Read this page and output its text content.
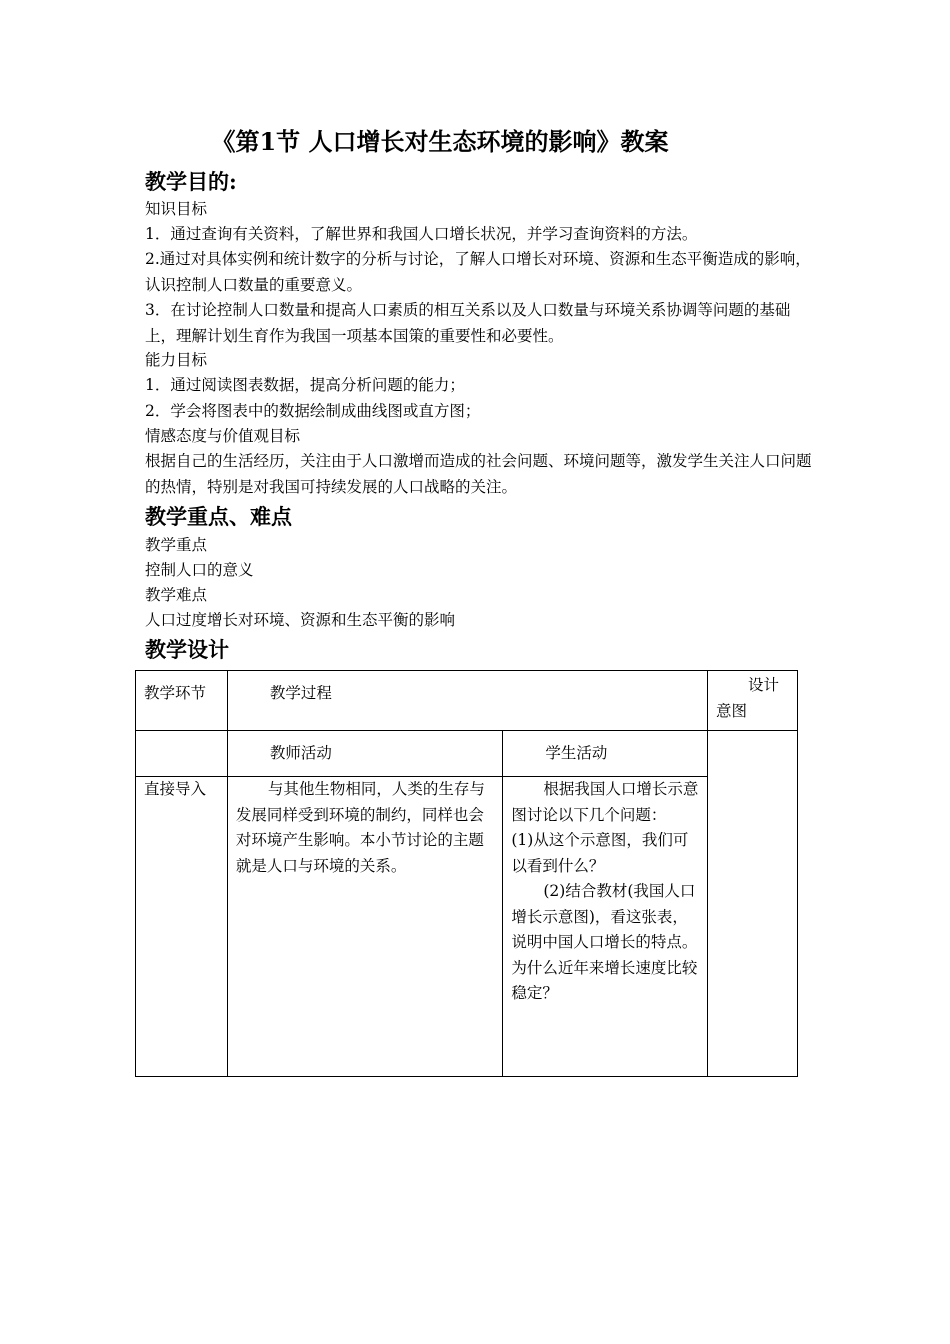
《第1节 人口增长对生态环境的影响》教案
教学目的:
知识目标
1．通过查询有关资料，了解世界和我国人口增长状况，并学习查询资料的方法。
2.通过对具体实例和统计数字的分析与讨论，了解人口增长对环境、资源和生态平衡造成的影响，认识控制人口数量的重要意义。
3．在讨论控制人口数量和提高人口素质的相互关系以及人口数量与环境关系协调等问题的基础上，理解计划生育作为我国一项基本国策的重要性和必要性。
能力目标
1．通过阅读图表数据，提高分析问题的能力；
2．学会将图表中的数据绘制成曲线图或直方图；
情感态度与价值观目标
根据自己的生活经历，关注由于人口激增而造成的社会问题、环境问题等，激发学生关注人口问题的热情，特别是对我国可持续发展的人口战略的关注。
教学重点、难点
教学重点
控制人口的意义
教学难点
人口过度增长对环境、资源和生态平衡的影响
教学设计
教学环节	教学过程		设计意图

	教师活动	学生活动	

直接导入	与其他生物相同，人类的生存与发展同样受到环境的制约，同样也会对环境产生影响。本小节讨论的主题就是人口与环境的关系。	根据我国人口增长示意图讨论以下几个问题：
(1)从这个示意图，我们可以看到什么？
(2)结合教材(我国人口增长示意图)，看这张表，说明中国人口增长的特点。为什么近年来增长速度比较稳定？	
